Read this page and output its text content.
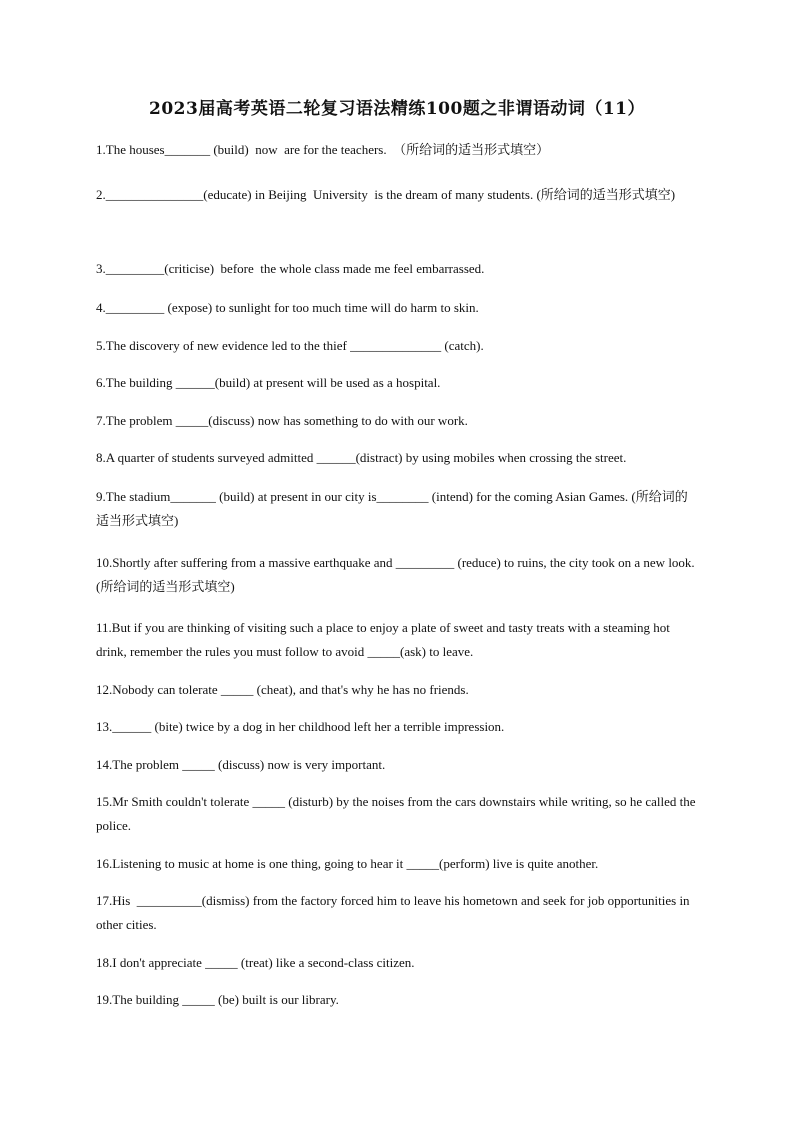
2023届高考英语二轮复习语法精练100题之非谓语动词（11）

1.The houses_______ (build)  now  are for the teachers.  （所给词的适当形式填空）

2._______________(educate) in Beijing  University  is the dream of many students. (所给词的适当形式填空)

3._________(criticise)  before  the whole class made me feel embarrassed.

4._________ (expose) to sunlight for too much time will do harm to skin.

5.The discovery of new evidence led to the thief ______________ (catch).

6.The building ______(build) at present will be used as a hospital.

7.The problem _____(discuss) now has something to do with our work.

8.A quarter of students surveyed admitted ______(distract) by using mobiles when crossing the street.

9.The stadium_______ (build) at present in our city is________ (intend) for the coming Asian Games. (所给词的适当形式填空)

10.Shortly after suffering from a massive earthquake and _________ (reduce) to ruins, the city took on a new look. (所给词的适当形式填空)

11.But if you are thinking of visiting such a place to enjoy a plate of sweet and tasty treats with a steaming hot drink, remember the rules you must follow to avoid _____(ask) to leave.

12.Nobody can tolerate _____ (cheat), and that's why he has no friends.

13.______ (bite) twice by a dog in her childhood left her a terrible impression.

14.The problem _____ (discuss) now is very important.

15.Mr Smith couldn't tolerate _____ (disturb) by the noises from the cars downstairs while writing, so he called the police.

16.Listening to music at home is one thing, going to hear it _____(perform) live is quite another.

17.His  __________(dismiss) from the factory forced him to leave his hometown and seek for job opportunities in other cities.

18.I don't appreciate _____ (treat) like a second-class citizen.

19.The building _____ (be) built is our library.
